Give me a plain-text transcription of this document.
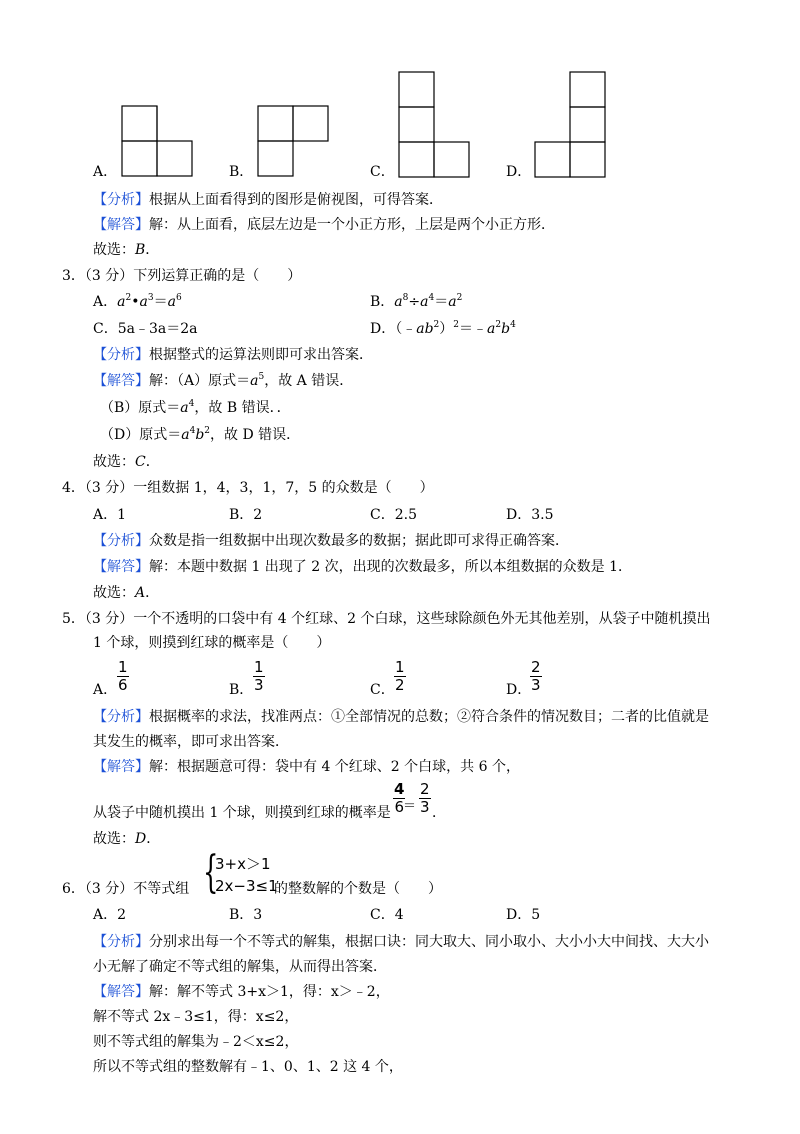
A．	B．	C．	D．
【分析】根据从上面看得到的图形是俯视图，可得答案．
【解答】解：从上面看，底层左边是一个小正方形，上层是两个小正方形．
故选：B．
3．（3 分）下列运算正确的是（　　）
A．$a^2•a^3=a^6$	B．$a^8\div a^4=a^2$
C．5a﹣3a＝2a	D．$(﹣ab^2)^2=﹣a^2b^4$
【分析】根据整式的运算法则即可求出答案．
【解答】解：（A）原式$=a^5$，故 A 错误．
（B）原式$=a^4$，故 B 错误．．
（D）原式$=a^4b^2$，故 D 错误．
故选：C．
4．（3 分）一组数据 1，4，3，1，7，5 的众数是（　　）
A．1	B．2	C．2.5	D．3.5
【分析】众数是指一组数据中出现次数最多的数据；据此即可求得正确答案．
【解答】解：本题中数据 1 出现了 2 次，出现的次数最多，所以本组数据的众数是 1．
故选：A．
5．（3 分）一个不透明的口袋中有 4 个红球、2 个白球，这些球除颜色外无其他差别，从袋子中随机摸出
1 个球，则摸到红球的概率是（　　）
A．
1
6	B．
1
3	C．
1
2	D．
2
3
【分析】根据概率的求法，找准两点：①全部情况的总数；②符合条件的情况数目；二者的比值就是
其发生的概率，即可求出答案．
【解答】解：根据题意可得：袋中有 4 个红球、2 个白球，共 6 个，
从袋子中随机摸出 1 个球，则摸到红球的概率是
4
6 ＝
2
3 ．
故选：D．
6．（3 分）不等式组 {
3+x＞1
2x−3≤1
的整数解的个数是（　　）
A．2	B．3	C．4	D．5
【分析】分别求出每一个不等式的解集，根据口诀：同大取大、同小取小、大小小大中间找、大大小
小无解了确定不等式组的解集，从而得出答案．
【解答】解：解不等式 3+x＞1，得：x＞﹣2，
解不等式 2x﹣3≤1，得：x≤2，
则不等式组的解集为﹣2＜x≤2，
所以不等式组的整数解有﹣1、0、1、2 这 4 个，
